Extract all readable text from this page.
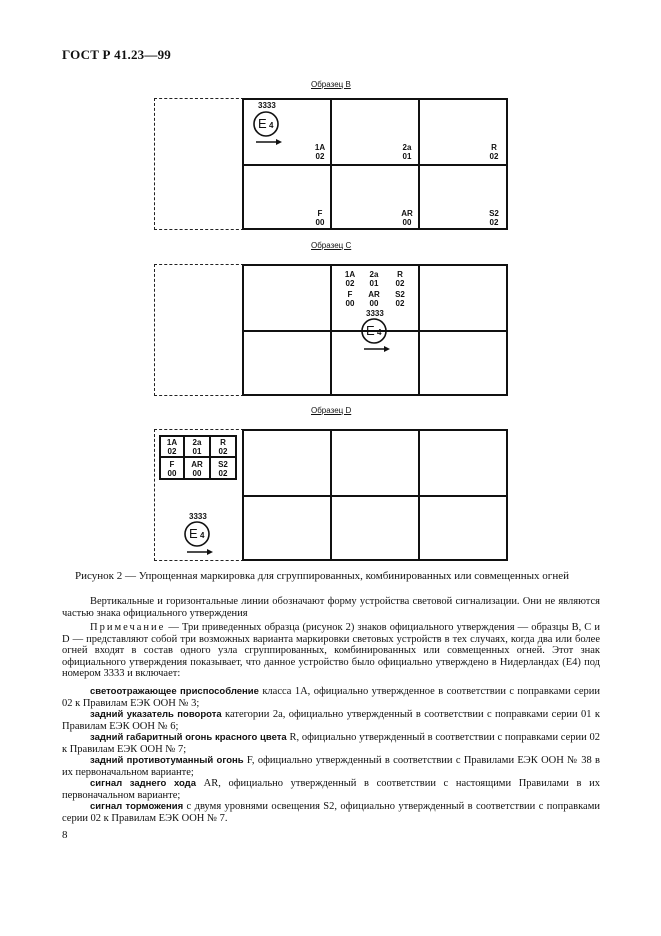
ГОСТ Р 41.23—99
Образец B
3333
E 4
1A
02
2a
01
R
02
F
00
AR
00
S2
02
Образец C
1A
02
2a
01
R
02
F
00
AR
00
S2
02
3333
E 4
Образец D
1A
02
2a
01
R
02
F
00
AR
00
S2
02
3333
E 4
Рисунок 2 — Упрощенная маркировка для сгруппированных, комбинированных или совмещенных огней
Вертикальные и горизонтальные линии обозначают форму устройства световой сигнализации. Они не являются частью знака официального утверждения
Примечание — Три приведенных образца (рисунок 2) знаков официального утверждения — образцы B, C и D — представляют собой три возможных варианта маркировки световых устройств в тех случаях, когда два или более огней входят в состав одного узла сгруппированных, комбинированных или совмещенных огней. Этот знак официального утверждения показывает, что данное устройство было официально утверждено в Нидерландах (E4) под номером 3333 и включает:
светоотражающее приспособление класса 1A, официально утвержденное в соответствии с поправками серии 02 к Правилам ЕЭК ООН № 3;
задний указатель поворота категории 2a, официально утвержденный в соответствии с поправками серии 01 к Правилам ЕЭК ООН № 6;
задний габаритный огонь красного цвета R, официально утвержденный в соответствии с поправками серии 02 к Правилам ЕЭК ООН № 7;
задний противотуманный огонь F, официально утвержденный в соответствии с Правилами ЕЭК ООН № 38 в их первоначальном варианте;
сигнал заднего хода AR, официально утвержденный в соответствии с настоящими Правилами в их первоначальном варианте;
сигнал торможения с двумя уровнями освещения S2, официально утвержденный в соответствии с поправками серии 02 к Правилам ЕЭК ООН № 7.
8
